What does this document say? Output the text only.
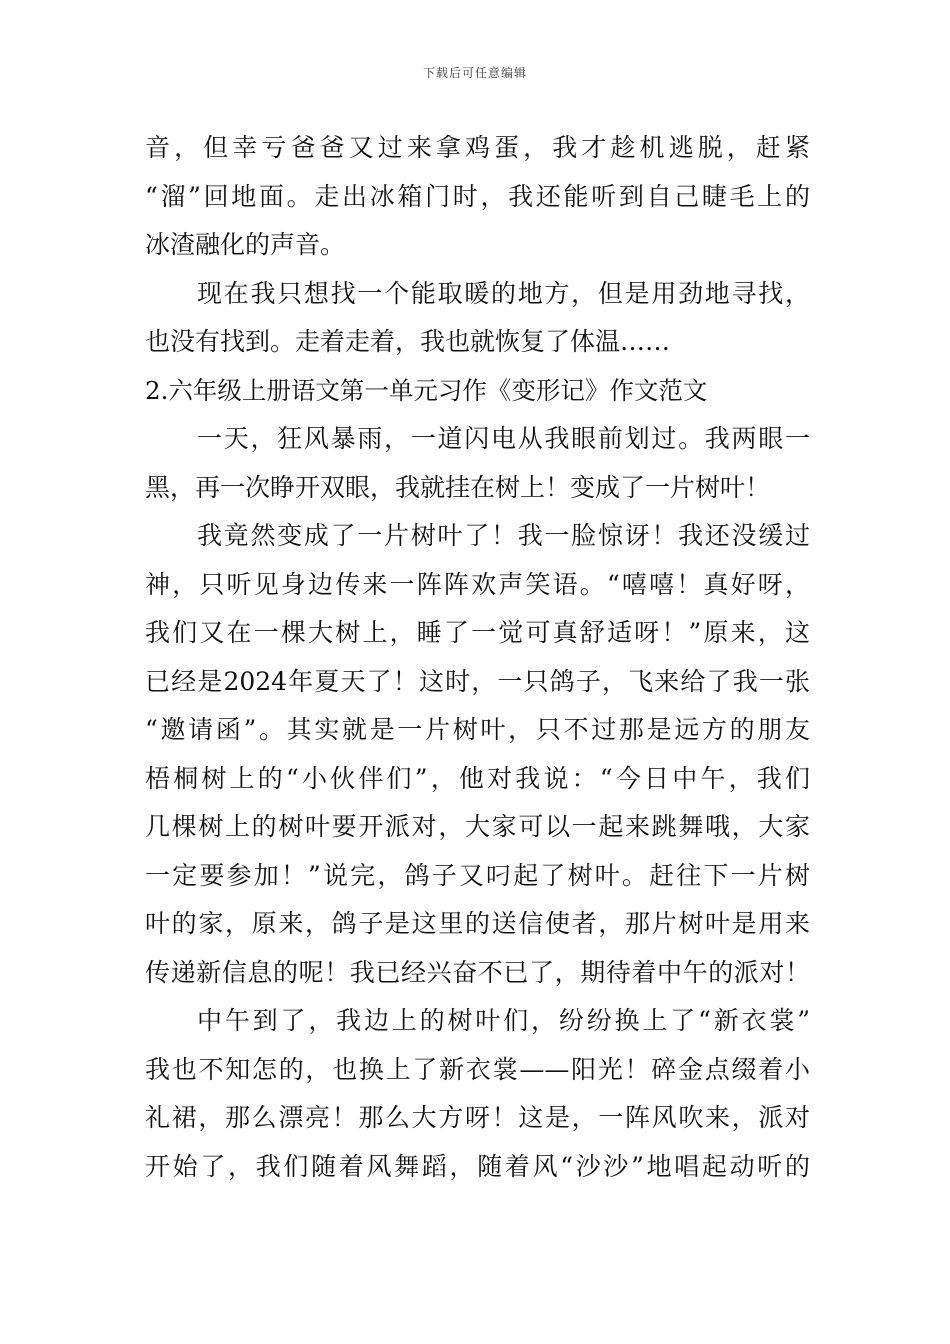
下载后可任意编辑
音，但幸亏爸爸又过来拿鸡蛋，我才趁机逃脱，赶紧
“溜”回地面。走出冰箱门时，我还能听到自己睫毛上的
冰渣融化的声音。
现在我只想找一个能取暖的地方，但是用劲地寻找，
也没有找到。走着走着，我也就恢复了体温……
2.六年级上册语文第一单元习作《变形记》作文范文
一天，狂风暴雨，一道闪电从我眼前划过。我两眼一
黑，再一次睁开双眼，我就挂在树上！变成了一片树叶！
我竟然变成了一片树叶了！我一脸惊讶！我还没缓过
神，只听见身边传来一阵阵欢声笑语。“嘻嘻！真好呀，
我们又在一棵大树上，睡了一觉可真舒适呀！”原来，这
已经是2024年夏天了！这时，一只鸽子，飞来给了我一张
“邀请函”。其实就是一片树叶，只不过那是远方的朋友
梧桐树上的“小伙伴们”，他对我说：“今日中午，我们
几棵树上的树叶要开派对，大家可以一起来跳舞哦，大家
一定要参加！”说完，鸽子又叼起了树叶。赶往下一片树
叶的家，原来，鸽子是这里的送信使者，那片树叶是用来
传递新信息的呢！我已经兴奋不已了，期待着中午的派对！
中午到了，我边上的树叶们，纷纷换上了“新衣裳”
我也不知怎的，也换上了新衣裳——阳光！碎金点缀着小
礼裙，那么漂亮！那么大方呀！这是，一阵风吹来，派对
开始了，我们随着风舞蹈，随着风“沙沙”地唱起动听的
